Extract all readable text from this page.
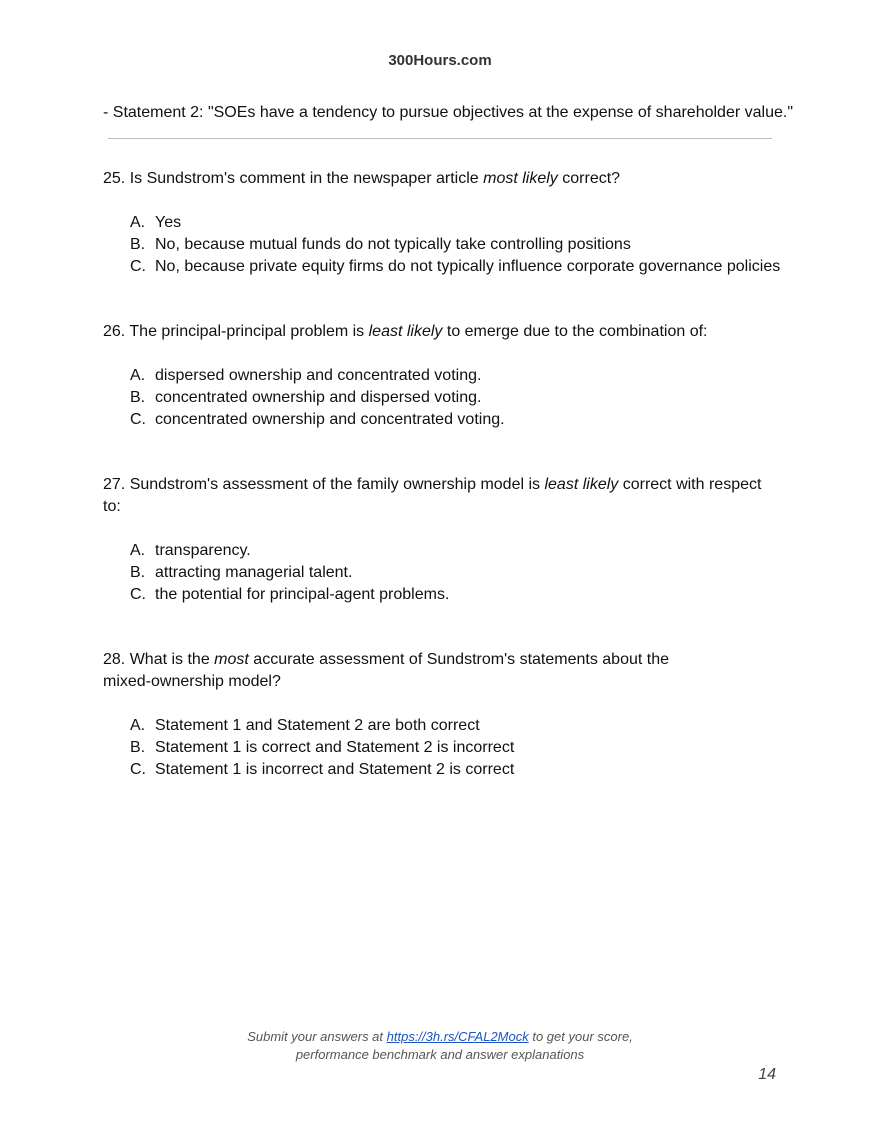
300Hours.com
- Statement 2: "SOEs have a tendency to pursue objectives at the expense of shareholder value."

25. Is Sundstrom's comment in the newspaper article most likely correct?

A. Yes
B. No, because mutual funds do not typically take controlling positions
C. No, because private equity firms do not typically influence corporate governance policies

26. The principal-principal problem is least likely to emerge due to the combination of:

A. dispersed ownership and concentrated voting.
B. concentrated ownership and dispersed voting.
C. concentrated ownership and concentrated voting.

27. Sundstrom's assessment of the family ownership model is least likely correct with respect to:

A. transparency.
B. attracting managerial talent.
C. the potential for principal-agent problems.

28. What is the most accurate assessment of Sundstrom's statements about the mixed-ownership model?

A. Statement 1 and Statement 2 are both correct
B. Statement 1 is correct and Statement 2 is incorrect
C. Statement 1 is incorrect and Statement 2 is correct
Submit your answers at https://3h.rs/CFAL2Mock to get your score,
performance benchmark and answer explanations
14
